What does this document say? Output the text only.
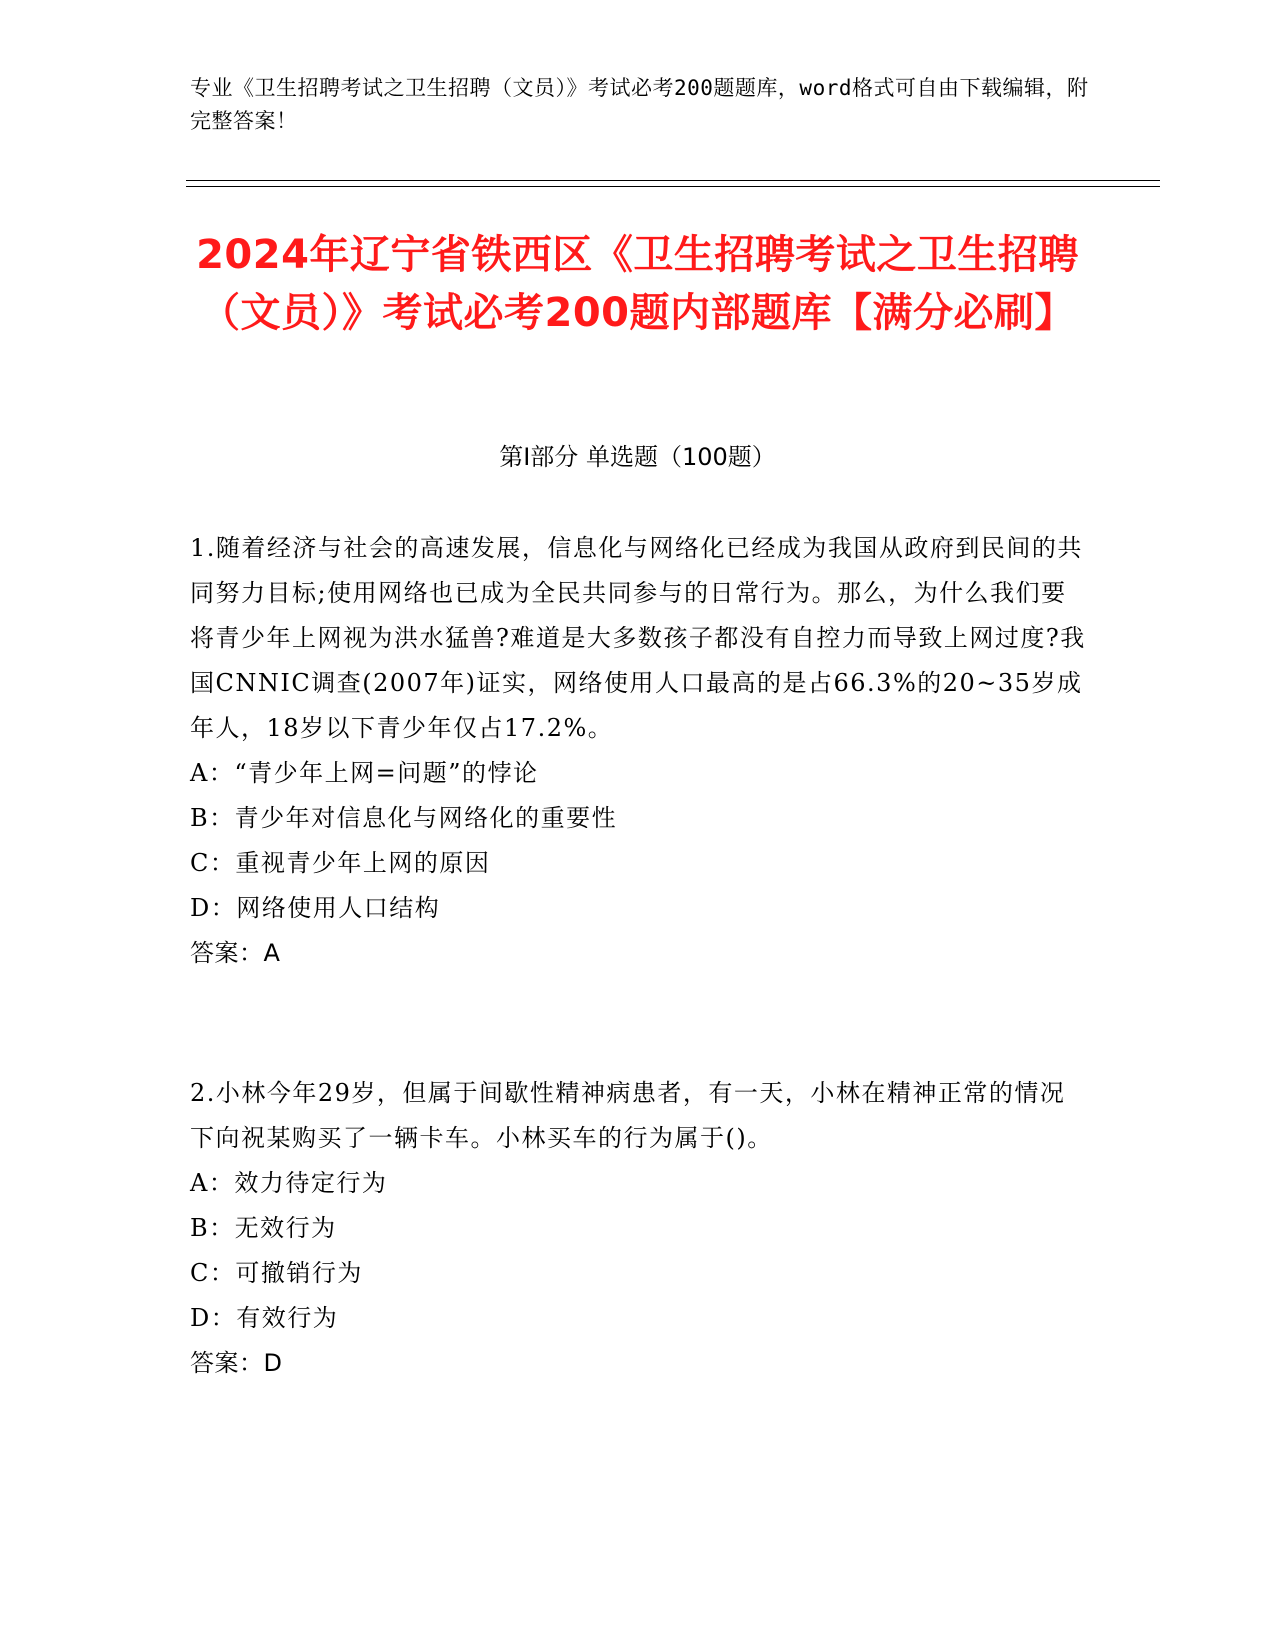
专业《卫生招聘考试之卫生招聘（文员）》考试必考200题题库，word格式可自由下载编辑，附完整答案！
2024年辽宁省铁西区《卫生招聘考试之卫生招聘（文员）》考试必考200题内部题库【满分必刷】
第I部分 单选题（100题）

1.随着经济与社会的高速发展，信息化与网络化已经成为我国从政府到民间的共同努力目标;使用网络也已成为全民共同参与的日常行为。那么，为什么我们要将青少年上网视为洪水猛兽?难道是大多数孩子都没有自控力而导致上网过度?我国CNNIC调查(2007年)证实，网络使用人口最高的是占66.3%的20~35岁成年人，18岁以下青少年仅占17.2%。

A：“青少年上网=问题”的悖论

B：青少年对信息化与网络化的重要性

C：重视青少年上网的原因

D：网络使用人口结构

答案：A

2.小林今年29岁，但属于间歇性精神病患者，有一天，小林在精神正常的情况下向祝某购买了一辆卡车。小林买车的行为属于()。

A：效力待定行为

B：无效行为

C：可撤销行为

D：有效行为

答案：D
